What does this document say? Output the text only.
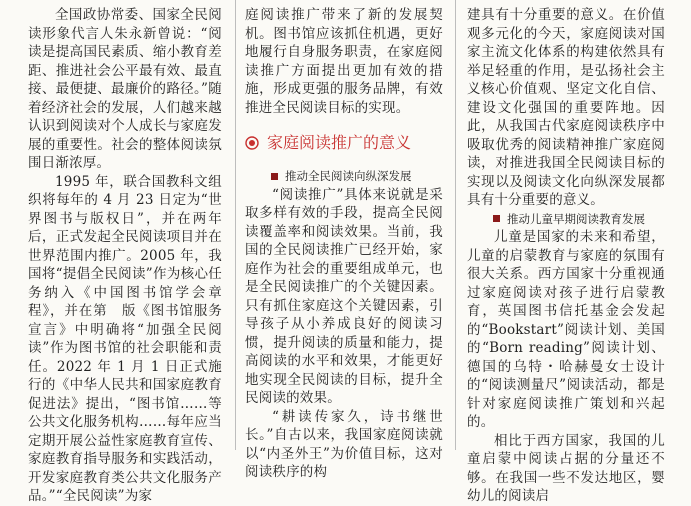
全国政协常委、国家全民阅读形象代言人朱永新曾说：“阅读是提高国民素质、缩小教育差距、推进社会公平最有效、最直接、最便捷、最廉价的路径。”随着经济社会的发展，人们越来越认识到阅读对个人成长与家庭发展的重要性。社会的整体阅读氛围日渐浓厚。

1995 年，联合国教科文组织将每年的 4 月 23 日定为“世界图书与版权日”，并在两年后，正式发起全民阅读项目并在世界范围内推广。2005 年，我国将“提倡全民阅读”作为核心任务纳入《中国图书馆学会章程》，并在第　版《图书馆服务宣言》中明确将“加强全民阅读”作为图书馆的社会职能和责任。2022 年 1 月 1 日正式施行的《中华人民共和国家庭教育促进法》提出，“图书馆……等公共文化服务机构……每年应当定期开展公益性家庭教育宣传、家庭教育指导服务和实践活动，开发家庭教育类公共文化服务产品。”“全民阅读”为家

庭阅读推广带来了新的发展契机。图书馆应该抓住机遇，更好地履行自身服务职责，在家庭阅读推广方面提出更加有效的措施，形成更强的服务品牌，有效推进全民阅读目标的实现。

家庭阅读推广的意义
推动全民阅读向纵深发展

“阅读推广”具体来说就是采取多样有效的手段，提高全民阅读覆盖率和阅读效果。当前，我国的全民阅读推广已经开始，家庭作为社会的重要组成单元，也是全民阅读推广的个关键因素。只有抓住家庭这个关键因素，引导孩子从小养成良好的阅读习惯，提升阅读的质量和能力，提高阅读的水平和效果，才能更好地实现全民阅读的目标，提升全民阅读的效果。

“耕读传家久，诗书继世长。”自古以来，我国家庭阅读就以“内圣外王”为价值目标，这对阅读秩序的构

建具有十分重要的意义。在价值观多元化的今天，家庭阅读对国家主流文化体系的构建依然具有举足轻重的作用，是弘扬社会主义核心价值观、坚定文化自信、建设文化强国的重要阵地。因此，从我国古代家庭阅读秩序中吸取优秀的阅读精神推广家庭阅读，对推进我国全民阅读目标的实现以及阅读文化向纵深发展都具有十分重要的意义。

推动儿童早期阅读教育发展

儿童是国家的未来和希望，儿童的启蒙教育与家庭的氛围有很大关系。西方国家十分重视通过家庭阅读对孩子进行启蒙教育，英国图书信托基金会发起的“Bookstart”阅读计划、美国的“Born reading”阅读计划、德国的乌特・哈赫曼女士设计的“阅读测量尺”阅读活动，都是针对家庭阅读推广策划和兴起的。

相比于西方国家，我国的儿童启蒙中阅读占据的分量还不够。在我国一些不发达地区，婴幼儿的阅读启
